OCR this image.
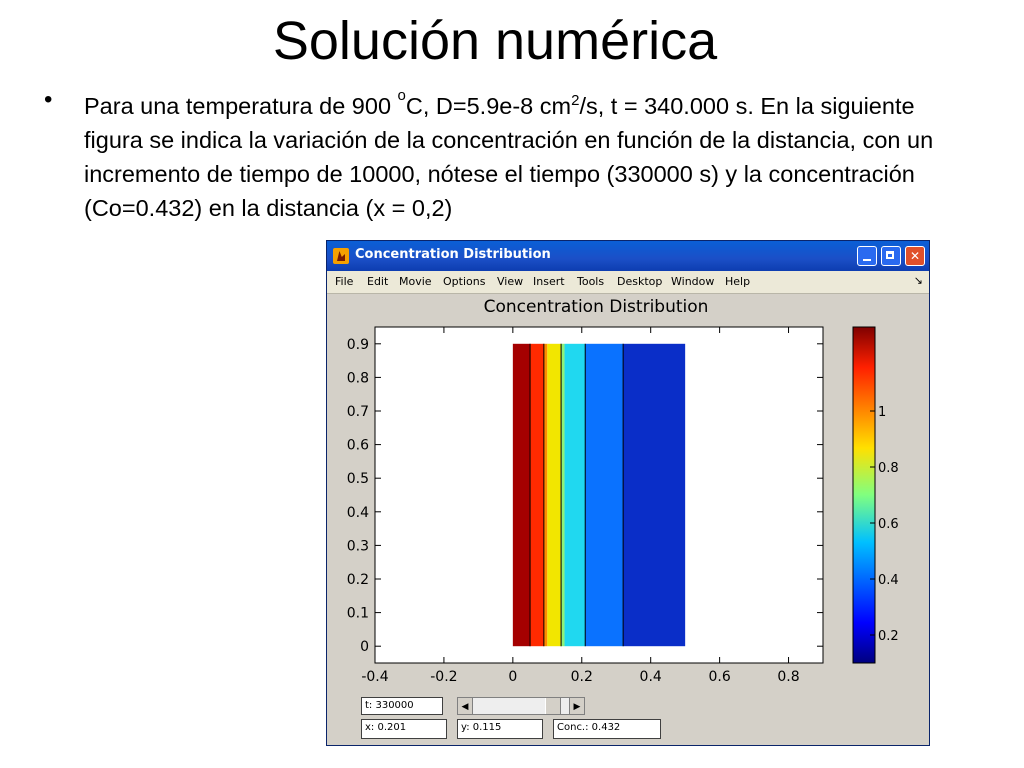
Solución numérica
• Para una temperatura de 900 $_o$C, D=5.9e-8 $cm^2/s$, t = 340.000 s. En la siguiente figura se indica la variación de la concentración en función de la distancia, con un incremento de tiempo de 10000, nótese el tiempo (330000 s) y la concentración (Co=0.432) en la distancia (x = 0,2)
Concentration Distribution	✕
File Edit Movie Options View Insert Tools Desktop Window Help	↘
Concentration Distribution
-0.4	-0.2	0	0.2	0.4	0.6	0.8
0
0.1
0.2
0.3
0.4
0.5
0.6
0.7
0.8
0.9
0.2
0.4
0.6
0.8
1
t: 330000	◀	▶
x: 0.201	y: 0.115	Conc.: 0.432
